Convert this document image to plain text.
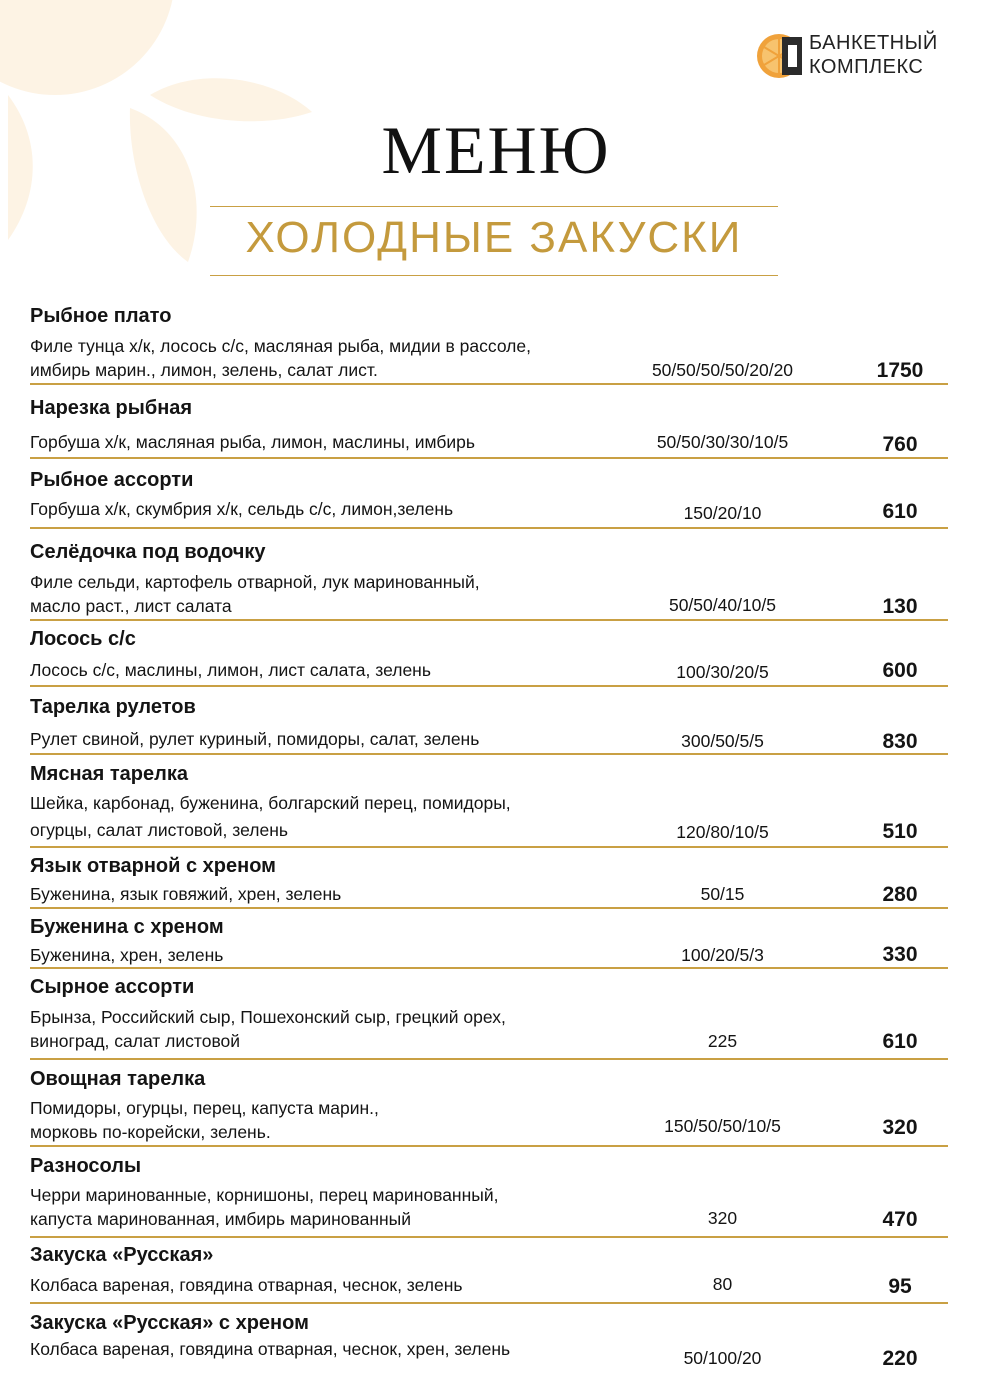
БАНКЕТНЫЙ
КОМПЛЕКС
МЕНЮ
ХОЛОДНЫЕ ЗАКУСКИ
Рыбное плато
Филе тунца х/к, лосось с/с, масляная рыба, мидии в рассоле,
имбирь марин., лимон, зелень, салат лист.	50/50/50/50/20/20	1750
Нарезка рыбная
Горбуша х/к, масляная рыба, лимон, маслины, имбирь	50/50/30/30/10/5	760
Рыбное ассорти
Горбуша х/к, скумбрия х/к, сельдь с/с, лимон,зелень	150/20/10	610
Селёдочка под водочку
Филе сельди, картофель отварной, лук маринованный,
масло раст., лист салата	50/50/40/10/5	130
Лосось с/с
Лосось с/с, маслины, лимон, лист салата, зелень	100/30/20/5	600
Тарелка рулетов
Рулет свиной, рулет куриный, помидоры, салат, зелень	300/50/5/5	830
Мясная тарелка
Шейка, карбонад, буженина, болгарский перец, помидоры,
огурцы, салат листовой, зелень	120/80/10/5	510
Язык отварной с хреном
Буженина, язык говяжий, хрен, зелень	50/15	280
Буженина с хреном
Буженина, хрен, зелень	100/20/5/3	330
Сырное ассорти
Брынза, Российский сыр, Пошехонский сыр, грецкий орех,
виноград, салат листовой	225	610
Овощная тарелка
Помидоры, огурцы, перец, капуста марин.,
морковь по-корейски, зелень.	150/50/50/10/5	320
Разносолы
Черри маринованные, корнишоны, перец маринованный,
капуста маринованная, имбирь маринованный	320	470
Закуска «Русская»
Колбаса вареная, говядина отварная, чеснок, зелень	80	95
Закуска «Русская» с хреном
Колбаса вареная, говядина отварная, чеснок, хрен, зелень	50/100/20	220
